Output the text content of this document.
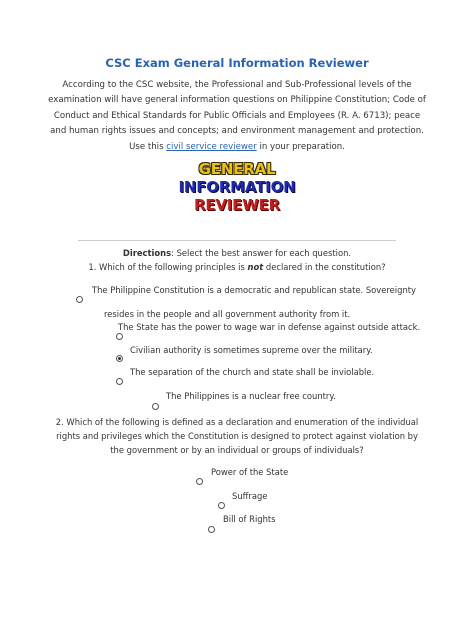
CSC Exam General Information Reviewer
According to the CSC website, the Professional and Sub-Professional levels of the
examination will have general information questions on Philippine Constitution; Code of
Conduct and Ethical Standards for Public Officials and Employees (R. A. 6713); peace
and human rights issues and concepts; and environment management and protection.
Use this civil service reviewer in your preparation.
GENERAL
INFORMATION
REVIEWER
Directions: Select the best answer for each question.
1. Which of the following principles is not declared in the constitution?
The Philippine Constitution is a democratic and republican state. Sovereignty
resides in the people and all government authority from it.
The State has the power to wage war in defense against outside attack.
Civilian authority is sometimes supreme over the military.
The separation of the church and state shall be inviolable.
The Philippines is a nuclear free country.
2. Which of the following is defined as a declaration and enumeration of the individual
rights and privileges which the Constitution is designed to protect against violation by
the government or by an individual or groups of individuals?
Power of the State
Suffrage
Bill of Rights
